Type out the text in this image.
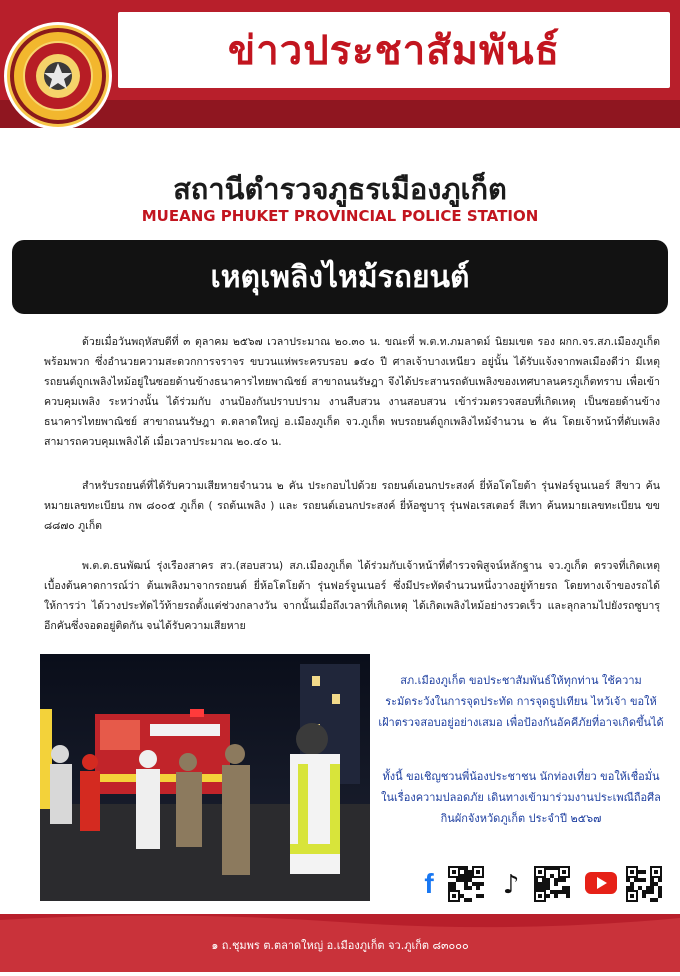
ข่าวประชาสัมพันธ์
สถานีตำรวจภูธรเมืองภูเก็ต
MUEANG PHUKET PROVINCIAL POLICE STATION
เหตุเพลิงไหม้รถยนต์
ด้วยเมื่อวันพฤหัสบดีที่ ๓ ตุลาคม ๒๕๖๗ เวลาประมาณ ๒๐.๓๐ น. ขณะที่ พ.ต.ท.ภมลาดม์ นิยมเขต รอง ผกก.จร.สภ.เมืองภูเก็ต พร้อมพวก ซึ่งอำนวยความสะดวกการจราจร ขบวนแห่พระครบรอบ ๑๔๐ ปี ศาลเจ้าบางเหนียว อยู่นั้น ได้รับแจ้งจากพลเมืองดีว่า มีเหตุรถยนต์ถูกเพลิงไหม้อยู่ในซอยด้านข้างธนาคารไทยพาณิชย์ สาขาถนนรัษฎา จึงได้ประสานรถดับเพลิงของเทศบาลนครภูเก็ตทราบ เพื่อเข้าควบคุมเพลิง ระหว่างนั้น ได้ร่วมกับ งานป้องกันปราบปราม งานสืบสวน งานสอบสวน เข้าร่วมตรวจสอบที่เกิดเหตุ เป็นซอยด้านข้างธนาคารไทยพาณิชย์ สาขาถนนรัษฎา ต.ตลาดใหญ่ อ.เมืองภูเก็ต จว.ภูเก็ต พบรถยนต์ถูกเพลิงไหม้จำนวน ๒ คัน โดยเจ้าหน้าที่ดับเพลิง สามารถควบคุมเพลิงได้ เมื่อเวลาประมาณ ๒๐.๔๐ น.
สำหรับรถยนต์ที่ได้รับความเสียหายจำนวน ๒ คัน ประกอบไปด้วย รถยนต์เอนกประสงค์ ยี่ห้อโตโยต้า รุ่นฟอร์จูนเนอร์ สีขาว ค้นหมายเลขทะเบียน กพ ๘๐๐๕ ภูเก็ต ( รถต้นเพลิง ) และ รถยนต์เอนกประสงค์ ยี่ห้อซูบารุ รุ่นฟอเรสเตอร์ สีเทา ค้นหมายเลขทะเบียน ขข ๘๘๗๐ ภูเก็ต
พ.ต.ต.ธนพัฒน์ รุ่งเรืองสาคร สว.(สอบสวน) สภ.เมืองภูเก็ต ได้ร่วมกับเจ้าหน้าที่ตำรวจพิสูจน์หลักฐาน จว.ภูเก็ต ตรวจที่เกิดเหตุ เบื้องต้นคาดการณ์ว่า ต้นเพลิงมาจากรถยนต์ ยี่ห้อโตโยต้า รุ่นฟอร์จูนเนอร์ ซึ่งมีประทัดจำนวนหนึ่งวางอยู่ท้ายรถ โดยทางเจ้าของรถได้ให้การว่า ได้วางประทัดไว้ท้ายรถตั้งแต่ช่วงกลางวัน จากนั้นเมื่อถึงเวลาที่เกิดเหตุ ได้เกิดเพลิงไหม้อย่างรวดเร็ว และลุกลามไปยังรถซูบารุอีกคันซึ่งจอดอยู่ติดกัน จนได้รับความเสียหาย
สภ.เมืองภูเก็ต ขอประชาสัมพันธ์ให้ทุกท่าน ใช้ความระมัดระวังในการจุดประทัด การจุดธูปเทียน ไหว้เจ้า ขอให้เฝ้าตรวจสอบอยู่อย่างเสมอ เพื่อป้องกันอัคคีภัยที่อาจเกิดขึ้นได้
ทั้งนี้ ขอเชิญชวนพี่น้องประชาชน นักท่องเที่ยว ขอให้เชื่อมั่นในเรื่องความปลอดภัย เดินทางเข้ามาร่วมงานประเพณีถือศีลกินผักจังหวัดภูเก็ต ประจำปี ๒๕๖๗
f	♪
๑ ถ.ชุมพร ต.ตลาดใหญ่ อ.เมืองภูเก็ต จว.ภูเก็ต ๘๓๐๐๐
